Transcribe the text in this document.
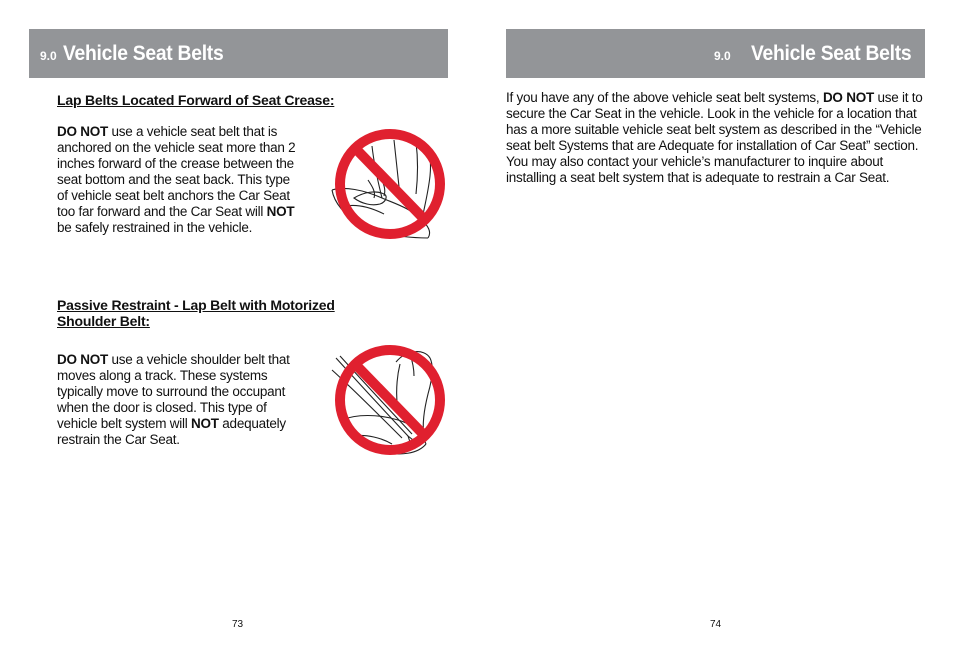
9.0 Vehicle Seat Belts
Lap Belts Located Forward of Seat Crease:
DO NOT use a vehicle seat belt that is anchored on the vehicle seat more than 2 inches forward of the crease between the seat bottom and the seat back. This type of vehicle seat belt anchors the Car Seat too far forward and the Car Seat will NOT be safely restrained in the vehicle.
Passive Restraint - Lap Belt with Motorized Shoulder Belt:
DO NOT use a vehicle shoulder belt that moves along a track. These systems typically move to surround the occupant when the door is closed. This type of vehicle belt system will NOT adequately restrain the Car Seat.
73
9.0 Vehicle Seat Belts
If you have any of the above vehicle seat belt systems, DO NOT use it to secure the Car Seat in the vehicle. Look in the vehicle for a location that has a more suitable vehicle seat belt system as described in the “Vehicle seat belt Systems that are Adequate for installation of Car Seat” section. You may also contact your vehicle’s manufacturer to inquire about installing a seat belt system that is adequate to restrain a Car Seat.
74
